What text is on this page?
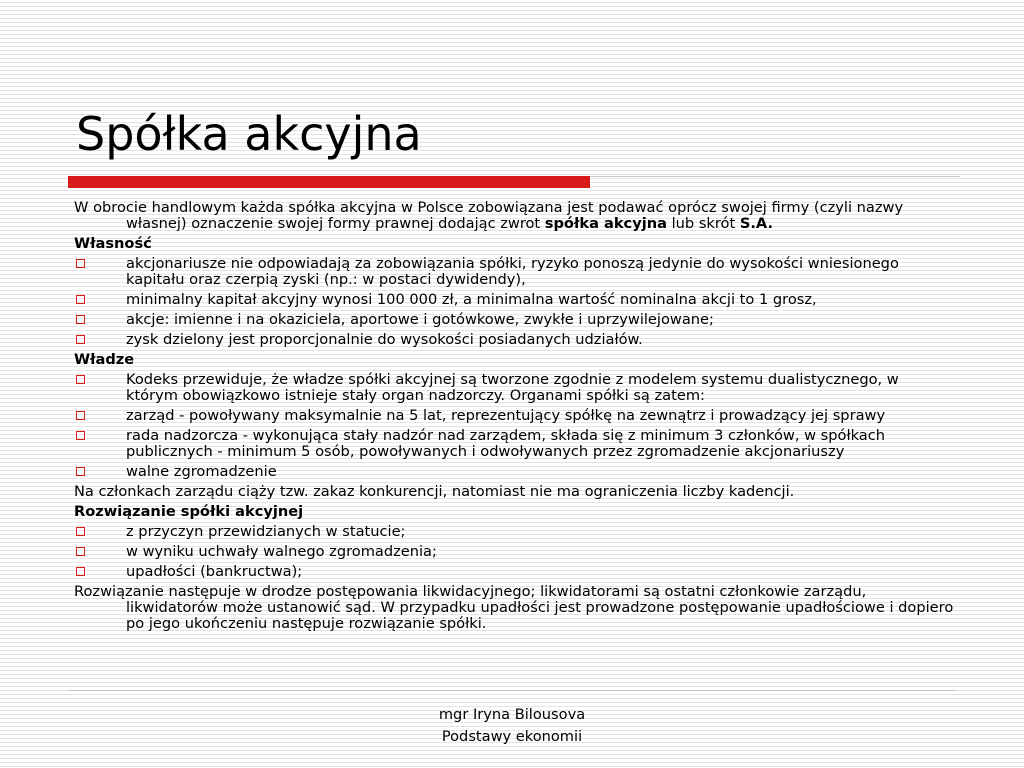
Spółka akcyjna

W obrocie handlowym każda spółka akcyjna w Polsce zobowiązana jest podawać oprócz swojej firmy (czyli nazwy własnej) oznaczenie swojej formy prawnej dodając zwrot spółka akcyjna lub skrót S.A.

Własność

akcjonariusze nie odpowiadają za zobowiązania spółki, ryzyko ponoszą jedynie do wysokości wniesionego kapitału oraz czerpią zyski (np.: w postaci dywidendy),
minimalny kapitał akcyjny wynosi 100 000 zł, a minimalna wartość nominalna akcji to 1 grosz,
akcje: imienne i na okaziciela, aportowe i gotówkowe, zwykłe i uprzywilejowane;
zysk dzielony jest proporcjonalnie do wysokości posiadanych udziałów.

Władze

Kodeks przewiduje, że władze spółki akcyjnej są tworzone zgodnie z modelem systemu dualistycznego, w którym obowiązkowo istnieje stały organ nadzorczy. Organami spółki są zatem:
zarząd - powoływany maksymalnie na 5 lat, reprezentujący spółkę na zewnątrz i prowadzący jej sprawy
rada nadzorcza - wykonująca stały nadzór nad zarządem, składa się z minimum 3 członków, w spółkach publicznych - minimum 5 osób, powoływanych i odwoływanych przez zgromadzenie akcjonariuszy
walne zgromadzenie

Na członkach zarządu ciąży tzw. zakaz konkurencji, natomiast nie ma ograniczenia liczby kadencji.

Rozwiązanie spółki akcyjnej

z przyczyn przewidzianych w statucie;
w wyniku uchwały walnego zgromadzenia;
upadłości (bankructwa);

Rozwiązanie następuje w drodze postępowania likwidacyjnego; likwidatorami są ostatni członkowie zarządu, likwidatorów może ustanowić sąd. W przypadku upadłości jest prowadzone postępowanie upadłościowe i dopiero po jego ukończeniu następuje rozwiązanie spółki.

mgr Iryna Bilousova
Podstawy ekonomii
